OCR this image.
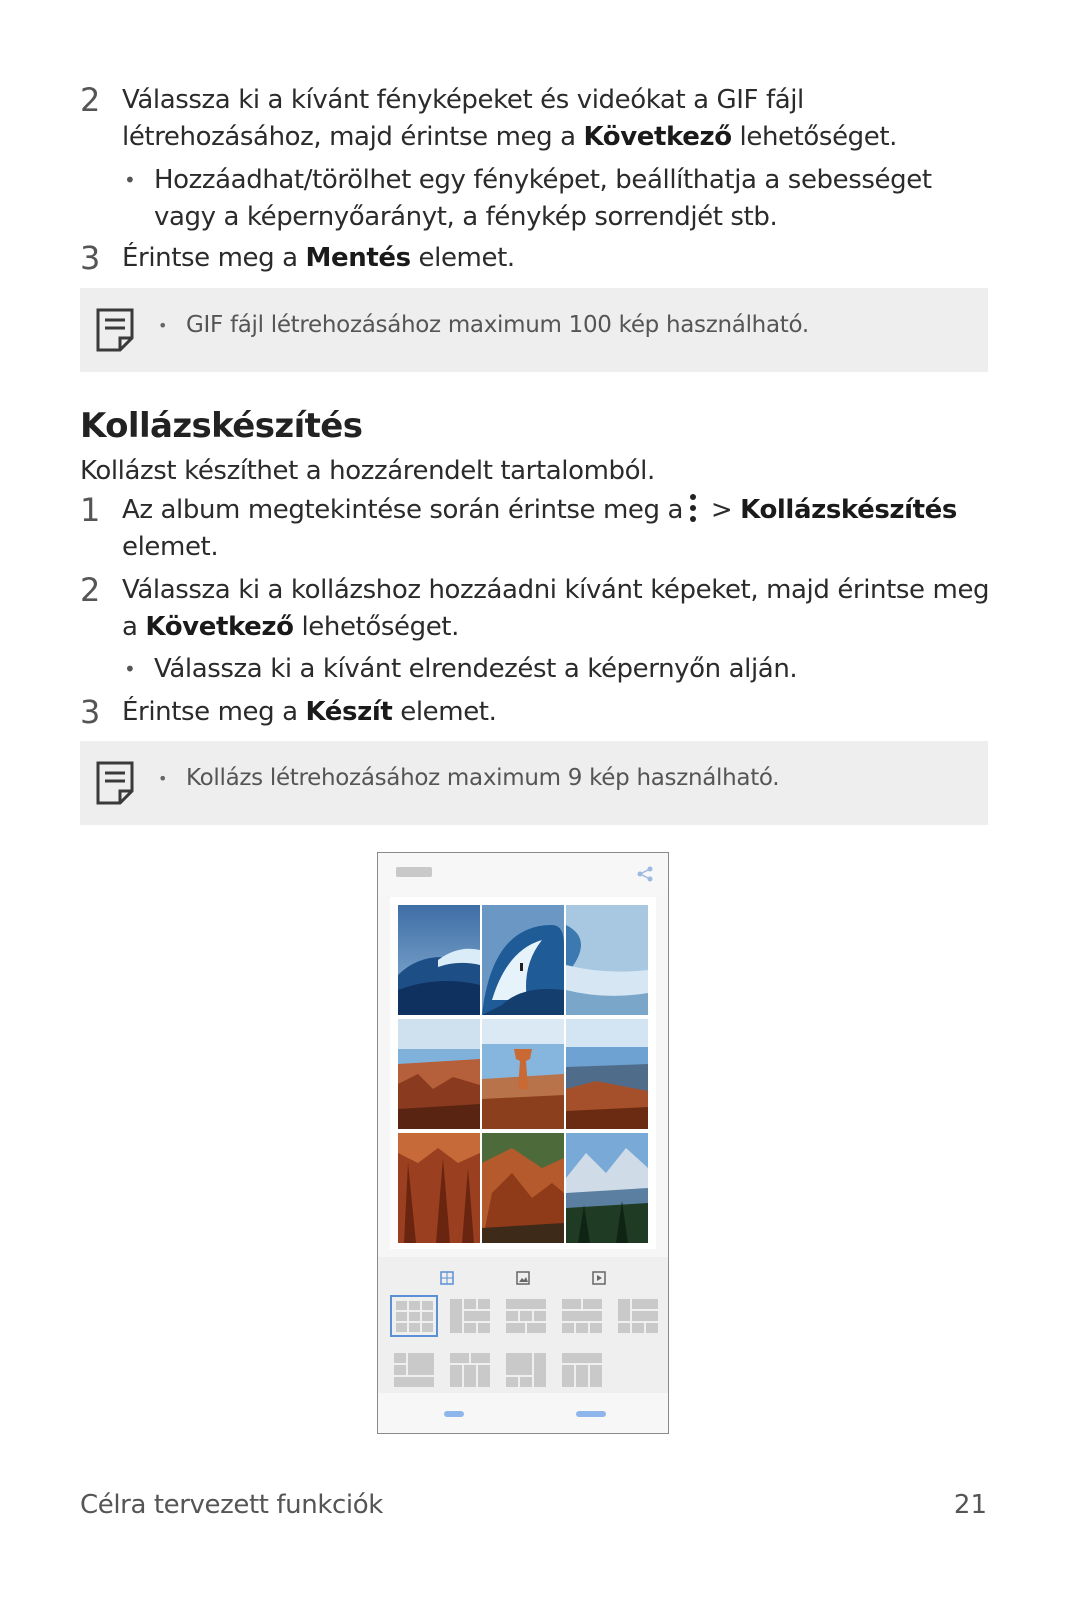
2 Válassza ki a kívánt fényképeket és videókat a GIF fájl létrehozásához, majd érintse meg a Következő lehetőséget.
• Hozzáadhat/törölhet egy fényképet, beállíthatja a sebességet vagy a képernyőarányt, a fénykép sorrendjét stb.
3 Érintse meg a Mentés elemet.
• GIF fájl létrehozásához maximum 100 kép használható.
Kollázskészítés
Kollázst készíthet a hozzárendelt tartalomból.
1 Az album megtekintése során érintse meg a
> Kollázskészítés
elemet.
2 Válassza ki a kollázshoz hozzáadni kívánt képeket, majd érintse meg a Következő lehetőséget.
• Válassza ki a kívánt elrendezést a képernyőn alján.
3 Érintse meg a Készít elemet.
• Kollázs létrehozásához maximum 9 kép használható.
Célra tervezett funkciók	21
